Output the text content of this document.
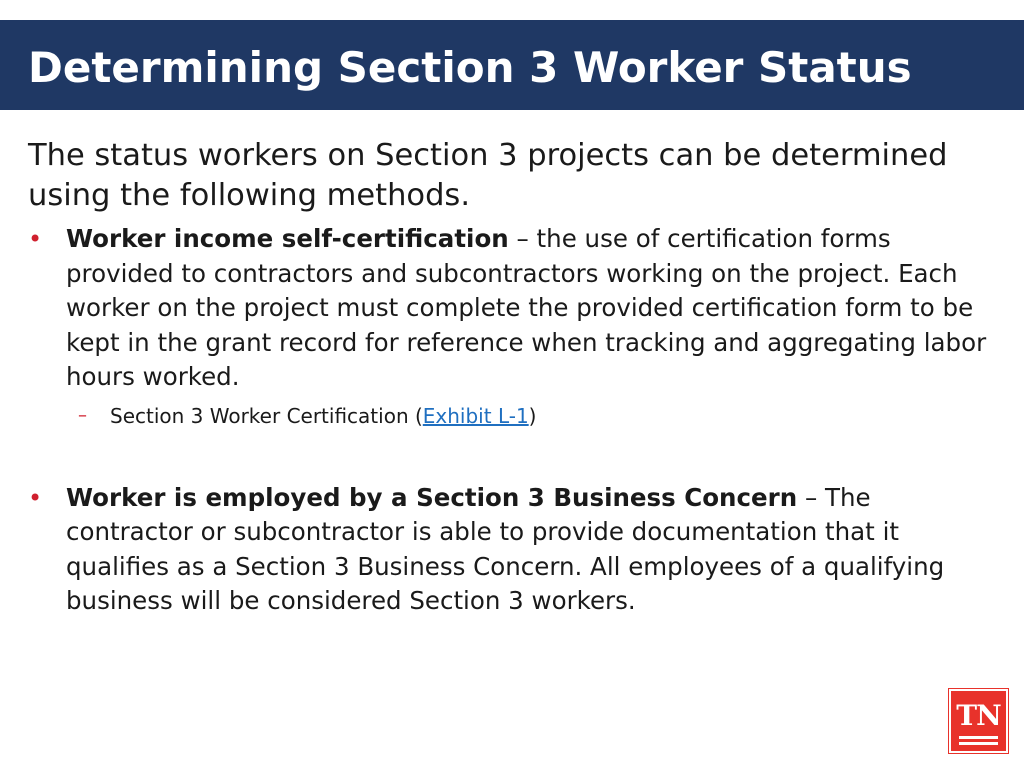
Determining Section 3 Worker Status

The status workers on Section 3 projects can be determined using the following methods.

• Worker income self-certification – the use of certification forms provided to contractors and subcontractors working on the project. Each worker on the project must complete the provided certification form to be kept in the grant record for reference when tracking and aggregating labor hours worked.
– Section 3 Worker Certification (Exhibit L-1)
• Worker is employed by a Section 3 Business Concern – The contractor or subcontractor is able to provide documentation that it qualifies as a Section 3 Business Concern. All employees of a qualifying business will be considered Section 3 workers.
TN
